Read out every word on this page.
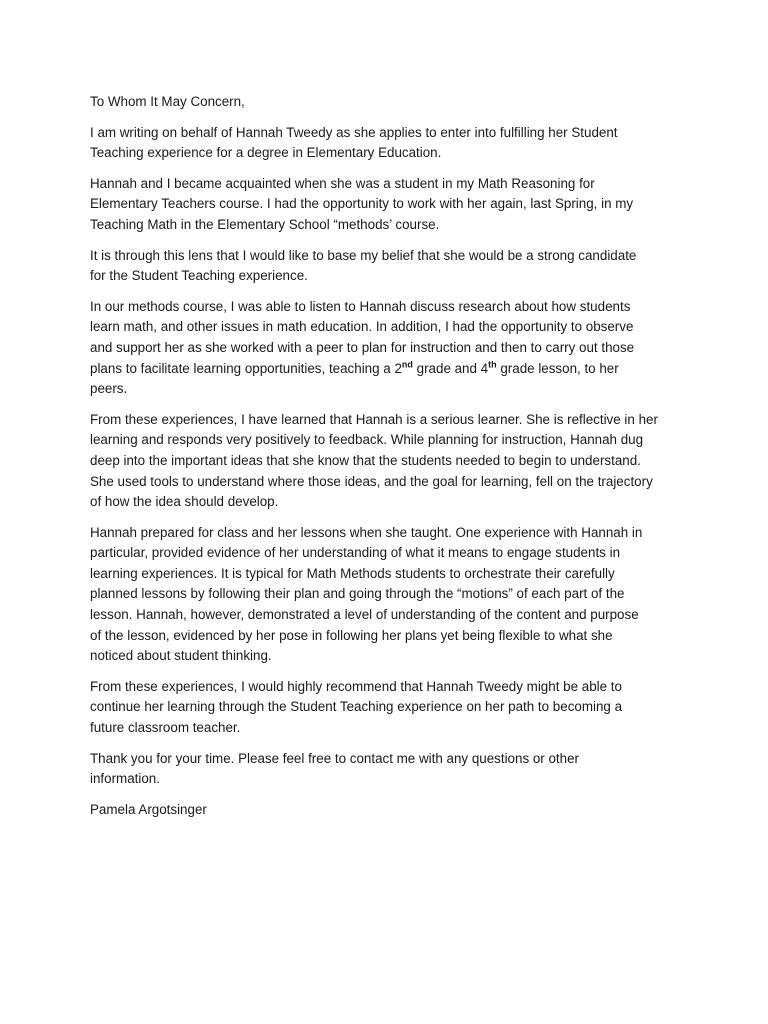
To Whom It May Concern,

I am writing on behalf of Hannah Tweedy as she applies to enter into fulfilling her Student
Teaching experience for a degree in Elementary Education.

Hannah and I became acquainted when she was a student in my Math Reasoning for
Elementary Teachers course. I had the opportunity to work with her again, last Spring, in my
Teaching Math in the Elementary School “methods’ course.

It is through this lens that I would like to base my belief that she would be a strong candidate
for the Student Teaching experience.

In our methods course, I was able to listen to Hannah discuss research about how students
learn math, and other issues in math education. In addition, I had the opportunity to observe
and support her as she worked with a peer to plan for instruction and then to carry out those
plans to facilitate learning opportunities, teaching a 2nd grade and 4th grade lesson, to her
peers.

From these experiences, I have learned that Hannah is a serious learner. She is reflective in her
learning and responds very positively to feedback. While planning for instruction, Hannah dug
deep into the important ideas that she know that the students needed to begin to understand.
She used tools to understand where those ideas, and the goal for learning, fell on the trajectory
of how the idea should develop.

Hannah prepared for class and her lessons when she taught. One experience with Hannah in
particular, provided evidence of her understanding of what it means to engage students in
learning experiences. It is typical for Math Methods students to orchestrate their carefully
planned lessons by following their plan and going through the “motions” of each part of the
lesson. Hannah, however, demonstrated a level of understanding of the content and purpose
of the lesson, evidenced by her pose in following her plans yet being flexible to what she
noticed about student thinking.

From these experiences, I would highly recommend that Hannah Tweedy might be able to
continue her learning through the Student Teaching experience on her path to becoming a
future classroom teacher.

Thank you for your time. Please feel free to contact me with any questions or other
information.

Pamela Argotsinger
